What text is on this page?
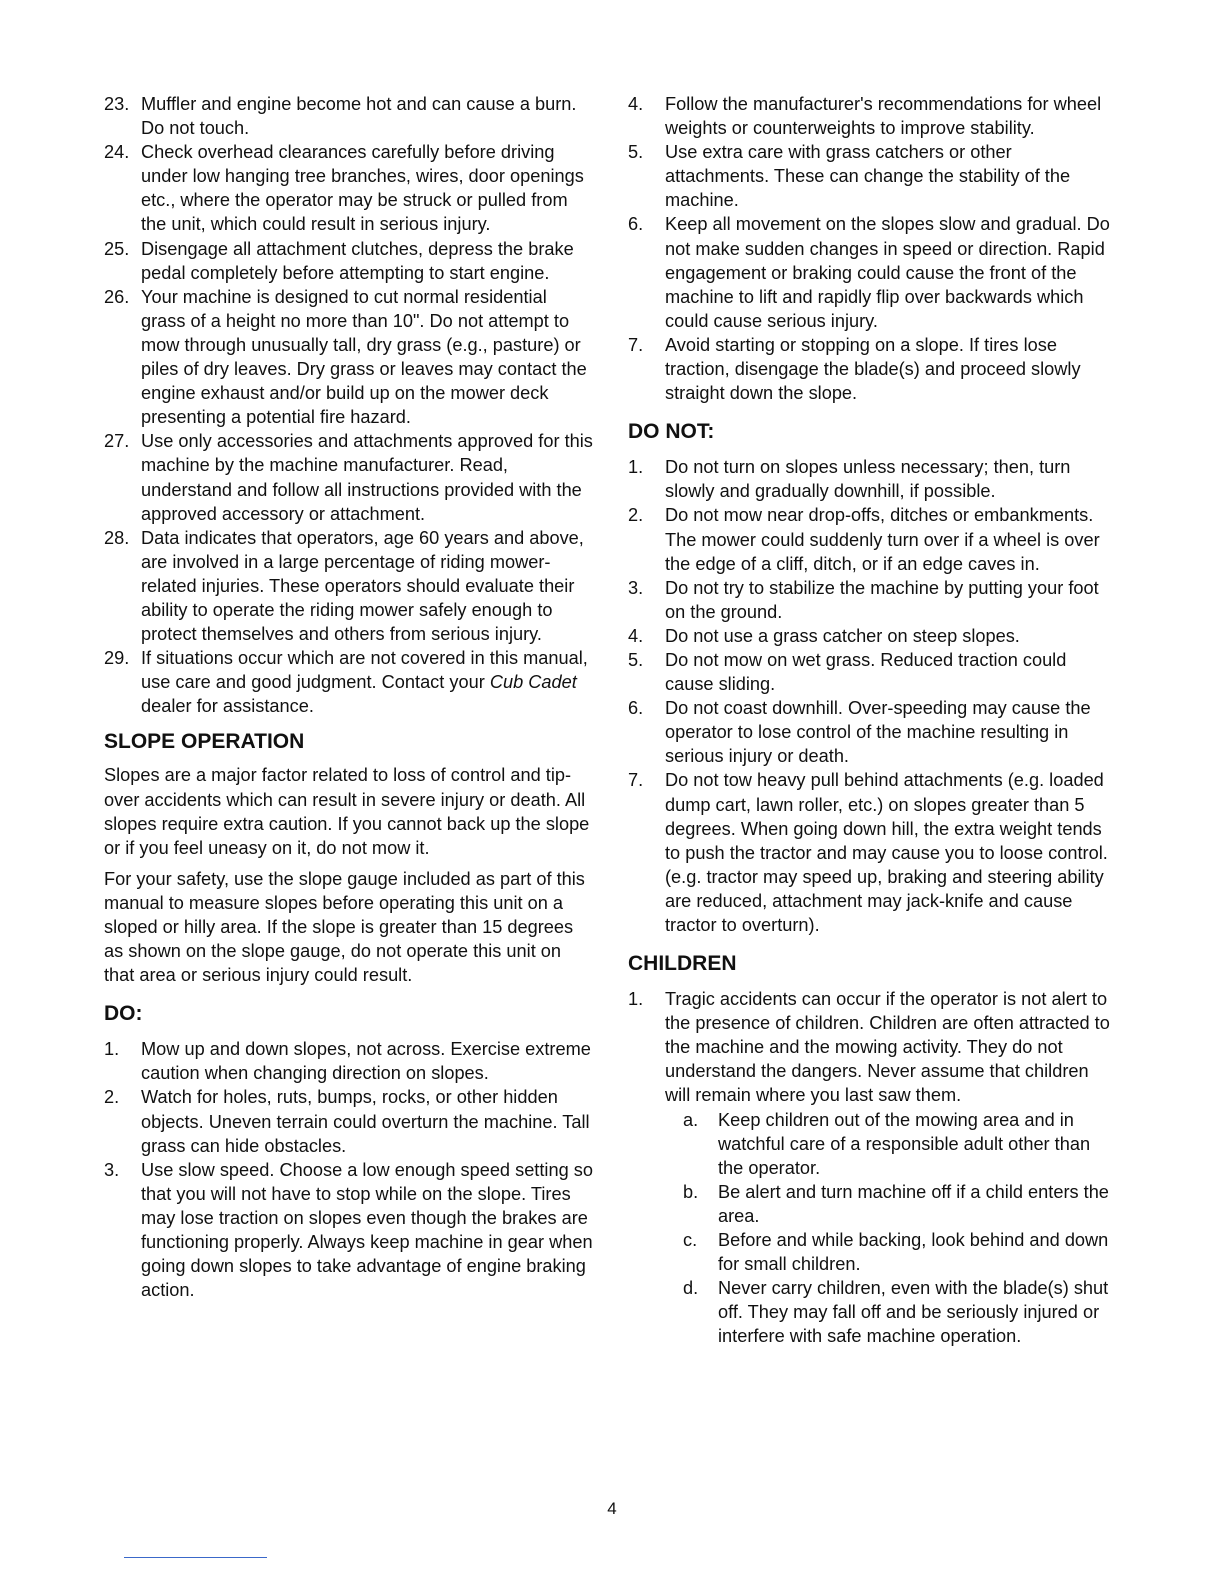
23. Muffler and engine become hot and can cause a burn. Do not touch.
24. Check overhead clearances carefully before driving under low hanging tree branches, wires, door openings etc., where the operator may be struck or pulled from the unit, which could result in serious injury.
25. Disengage all attachment clutches, depress the brake pedal completely before attempting to start engine.
26. Your machine is designed to cut normal residential grass of a height no more than 10". Do not attempt to mow through unusually tall, dry grass (e.g., pasture) or piles of dry leaves. Dry grass or leaves may contact the engine exhaust and/or build up on the mower deck presenting a potential fire hazard.
27. Use only accessories and attachments approved for this machine by the machine manufacturer. Read, understand and follow all instructions provided with the approved accessory or attachment.
28. Data indicates that operators, age 60 years and above, are involved in a large percentage of riding mower-related injuries. These operators should evaluate their ability to operate the riding mower safely enough to protect themselves and others from serious injury.
29. If situations occur which are not covered in this manual, use care and good judgment. Contact your Cub Cadet dealer for assistance.
SLOPE OPERATION

Slopes are a major factor related to loss of control and tip-over accidents which can result in severe injury or death. All slopes require extra caution. If you cannot back up the slope or if you feel uneasy on it, do not mow it.

For your safety, use the slope gauge included as part of this manual to measure slopes before operating this unit on a sloped or hilly area. If the slope is greater than 15 degrees as shown on the slope gauge, do not operate this unit on that area or serious injury could result.

DO:
1. Mow up and down slopes, not across. Exercise extreme caution when changing direction on slopes.
2. Watch for holes, ruts, bumps, rocks, or other hidden objects. Uneven terrain could overturn the machine. Tall grass can hide obstacles.
3. Use slow speed. Choose a low enough speed setting so that you will not have to stop while on the slope. Tires may lose traction on slopes even though the brakes are functioning properly. Always keep machine in gear when going down slopes to take advantage of engine braking action.
4. Follow the manufacturer's recommendations for wheel weights or counterweights to improve stability.
5. Use extra care with grass catchers or other attachments. These can change the stability of the machine.
6. Keep all movement on the slopes slow and gradual. Do not make sudden changes in speed or direction. Rapid engagement or braking could cause the front of the machine to lift and rapidly flip over backwards which could cause serious injury.
7. Avoid starting or stopping on a slope. If tires lose traction, disengage the blade(s) and proceed slowly straight down the slope.
DO NOT:
1. Do not turn on slopes unless necessary; then, turn slowly and gradually downhill, if possible.
2. Do not mow near drop-offs, ditches or embankments. The mower could suddenly turn over if a wheel is over the edge of a cliff, ditch, or if an edge caves in.
3. Do not try to stabilize the machine by putting your foot on the ground.
4. Do not use a grass catcher on steep slopes.
5. Do not mow on wet grass. Reduced traction could cause sliding.
6. Do not coast downhill. Over-speeding may cause the operator to lose control of the machine resulting in serious injury or death.
7. Do not tow heavy pull behind attachments (e.g. loaded dump cart, lawn roller, etc.) on slopes greater than 5 degrees. When going down hill, the extra weight tends to push the tractor and may cause you to loose control. (e.g. tractor may speed up, braking and steering ability are reduced, attachment may jack-knife and cause tractor to overturn).
CHILDREN
1. Tragic accidents can occur if the operator is not alert to the presence of children. Children are often attracted to the machine and the mowing activity. They do not understand the dangers. Never assume that children will remain where you last saw them.
a. Keep children out of the mowing area and in watchful care of a responsible adult other than the operator.
b. Be alert and turn machine off if a child enters the area.
c. Before and while backing, look behind and down for small children.
d. Never carry children, even with the blade(s) shut off. They may fall off and be seriously injured or interfere with safe machine operation.
4
